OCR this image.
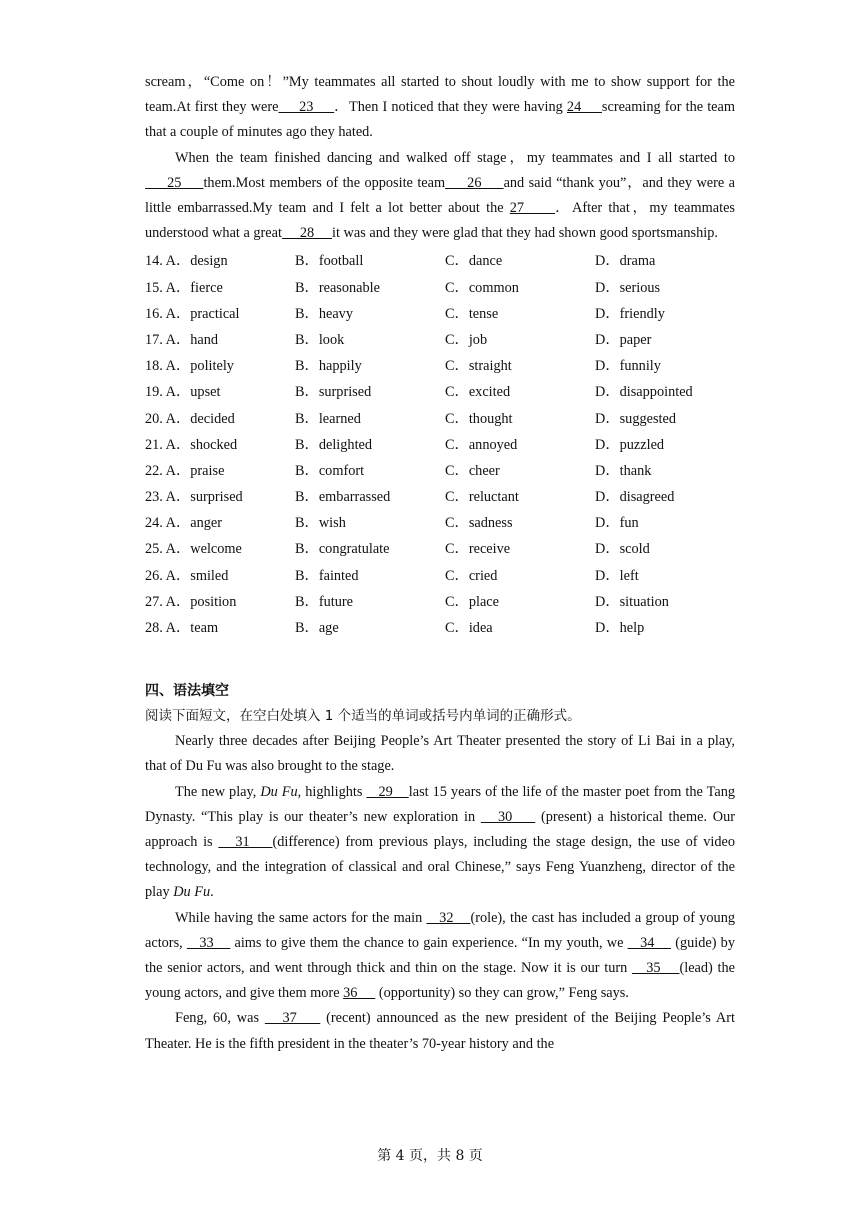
scream，“Come on！”My teammates all started to shout loudly with me to show support for the team.At first they were     23     ．Then I noticed that they were having 24     screaming for the team that a couple of minutes ago they hated.

When the team finished dancing and walked off stage，my teammates and I all started to     25     them.Most members of the opposite team     26     and said “thank you”，and they were a little embarrassed.My team and I felt a lot better about the 27     ．After that，my teammates understood what a great     28     it was and they were glad that they had shown good sportsmanship.

14. A．design	B．football	C．dance	D．drama
15. A．fierce	B．reasonable	C．common	D．serious
16. A．practical	B．heavy	C．tense	D．friendly
17. A．hand	B．look	C．job	D．paper
18. A．politely	B．happily	C．straight	D．funnily
19. A．upset	B．surprised	C．excited	D．disappointed
20. A．decided	B．learned	C．thought	D．suggested
21. A．shocked	B．delighted	C．annoyed	D．puzzled
22. A．praise	B．comfort	C．cheer	D．thank
23. A．surprised	B．embarrassed	C．reluctant	D．disagreed
24. A．anger	B．wish	C．sadness	D．fun
25. A．welcome	B．congratulate	C．receive	D．scold
26. A．smiled	B．fainted	C．cried	D．left
27. A．position	B．future	C．place	D．situation
28. A．team	B．age	C．idea	D．help
四、语法填空
阅读下面短文，在空白处填入 1 个适当的单词或括号内单词的正确形式。

Nearly three decades after Beijing People’s Art Theater presented the story of Li Bai in a play, that of Du Fu was also brought to the stage.

The new play, Du Fu, highlights    29    last 15 years of the life of the master poet from the Tang Dynasty. “This play is our theater’s new exploration in    30     (present) a historical theme. Our approach is    31    (difference) from previous plays, including the stage design, the use of video technology, and the integration of classical and oral Chinese,” says Feng Yuanzheng, director of the play Du Fu.

While having the same actors for the main    32    (role), the cast has included a group of young actors,    33     aims to give them the chance to gain experience. “In my youth, we    34     (guide) by the senior actors, and went through thick and thin on the stage. Now it is our turn    35    (lead) the young actors, and give them more 36      (opportunity) so they can grow,” Feng says.

Feng, 60, was    37     (recent) announced as the new president of the Beijing People’s Art Theater. He is the fifth president in the theater’s 70-year history and the

第 4 页，共 8 页
